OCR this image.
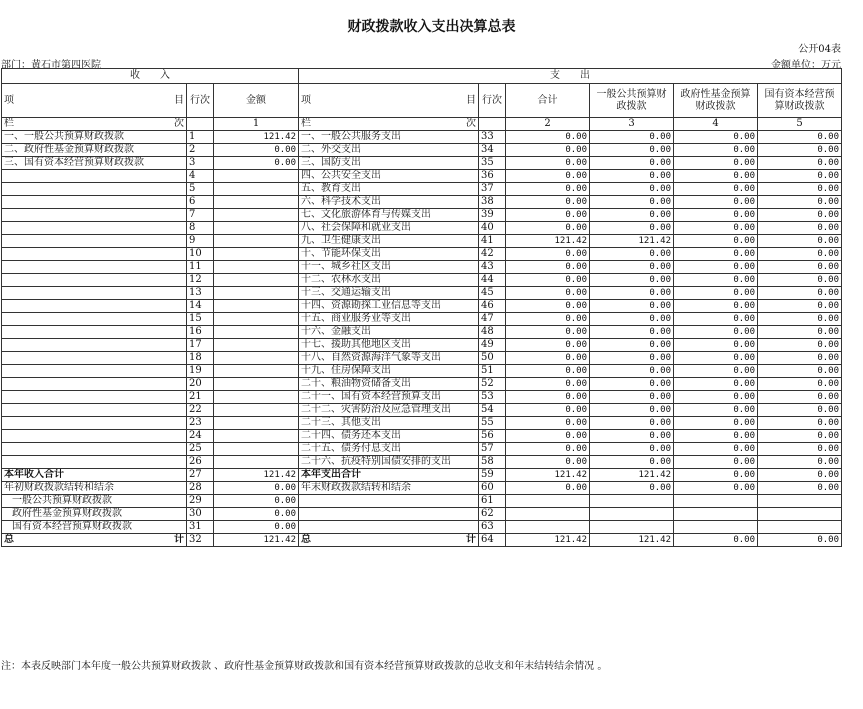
财政拨款收入支出决算总表
公开04表
部门：黄石市第四医院	金额单位：万元
收　　入			支　　出					

项 目	行次	金额	项 目	行次	合计	一般公共预算财政拨款	政府性基金预算财政拨款	国有资本经营预算财政拨款

栏 次		1	栏 次		2	3	4	5
一、一般公共预算财政拨款	1	121.42	一、一般公共服务支出	33	0.00	0.00	0.00	0.00
二、政府性基金预算财政拨款	2	0.00	二、外交支出	34	0.00	0.00	0.00	0.00
三、国有资本经营预算财政拨款	3	0.00	三、国防支出	35	0.00	0.00	0.00	0.00
	4		四、公共安全支出	36	0.00	0.00	0.00	0.00
	5		五、教育支出	37	0.00	0.00	0.00	0.00
	6		六、科学技术支出	38	0.00	0.00	0.00	0.00
	7		七、文化旅游体育与传媒支出	39	0.00	0.00	0.00	0.00
	8		八、社会保障和就业支出	40	0.00	0.00	0.00	0.00
	9		九、卫生健康支出	41	121.42	121.42	0.00	0.00
	10		十、节能环保支出	42	0.00	0.00	0.00	0.00
	11		十一、城乡社区支出	43	0.00	0.00	0.00	0.00
	12		十二、农林水支出	44	0.00	0.00	0.00	0.00
	13		十三、交通运输支出	45	0.00	0.00	0.00	0.00
	14		十四、资源勘探工业信息等支出	46	0.00	0.00	0.00	0.00
	15		十五、商业服务业等支出	47	0.00	0.00	0.00	0.00
	16		十六、金融支出	48	0.00	0.00	0.00	0.00
	17		十七、援助其他地区支出	49	0.00	0.00	0.00	0.00
	18		十八、自然资源海洋气象等支出	50	0.00	0.00	0.00	0.00
	19		十九、住房保障支出	51	0.00	0.00	0.00	0.00
	20		二十、粮油物资储备支出	52	0.00	0.00	0.00	0.00
	21		二十一、国有资本经营预算支出	53	0.00	0.00	0.00	0.00
	22		二十二、灾害防治及应急管理支出	54	0.00	0.00	0.00	0.00
	23		二十三、其他支出	55	0.00	0.00	0.00	0.00
	24		二十四、债务还本支出	56	0.00	0.00	0.00	0.00
	25		二十五、债务付息支出	57	0.00	0.00	0.00	0.00
	26		二十六、抗疫特别国债安排的支出	58	0.00	0.00	0.00	0.00
本年收入合计	27	121.42	本年支出合计	59	121.42	121.42	0.00	0.00
年初财政拨款结转和结余	28	0.00	年末财政拨款结转和结余	60	0.00	0.00	0.00	0.00
一般公共预算财政拨款	29	0.00		61				
政府性基金预算财政拨款	30	0.00		62				
国有资本经营预算财政拨款	31	0.00		63				

总 计	32	121.42	总 计	64	121.42	121.42	0.00	0.00
注：本表反映部门本年度一般公共预算财政拨款 、政府性基金预算财政拨款和国有资本经营预算财政拨款的总收支和年末结转结余情况 。
